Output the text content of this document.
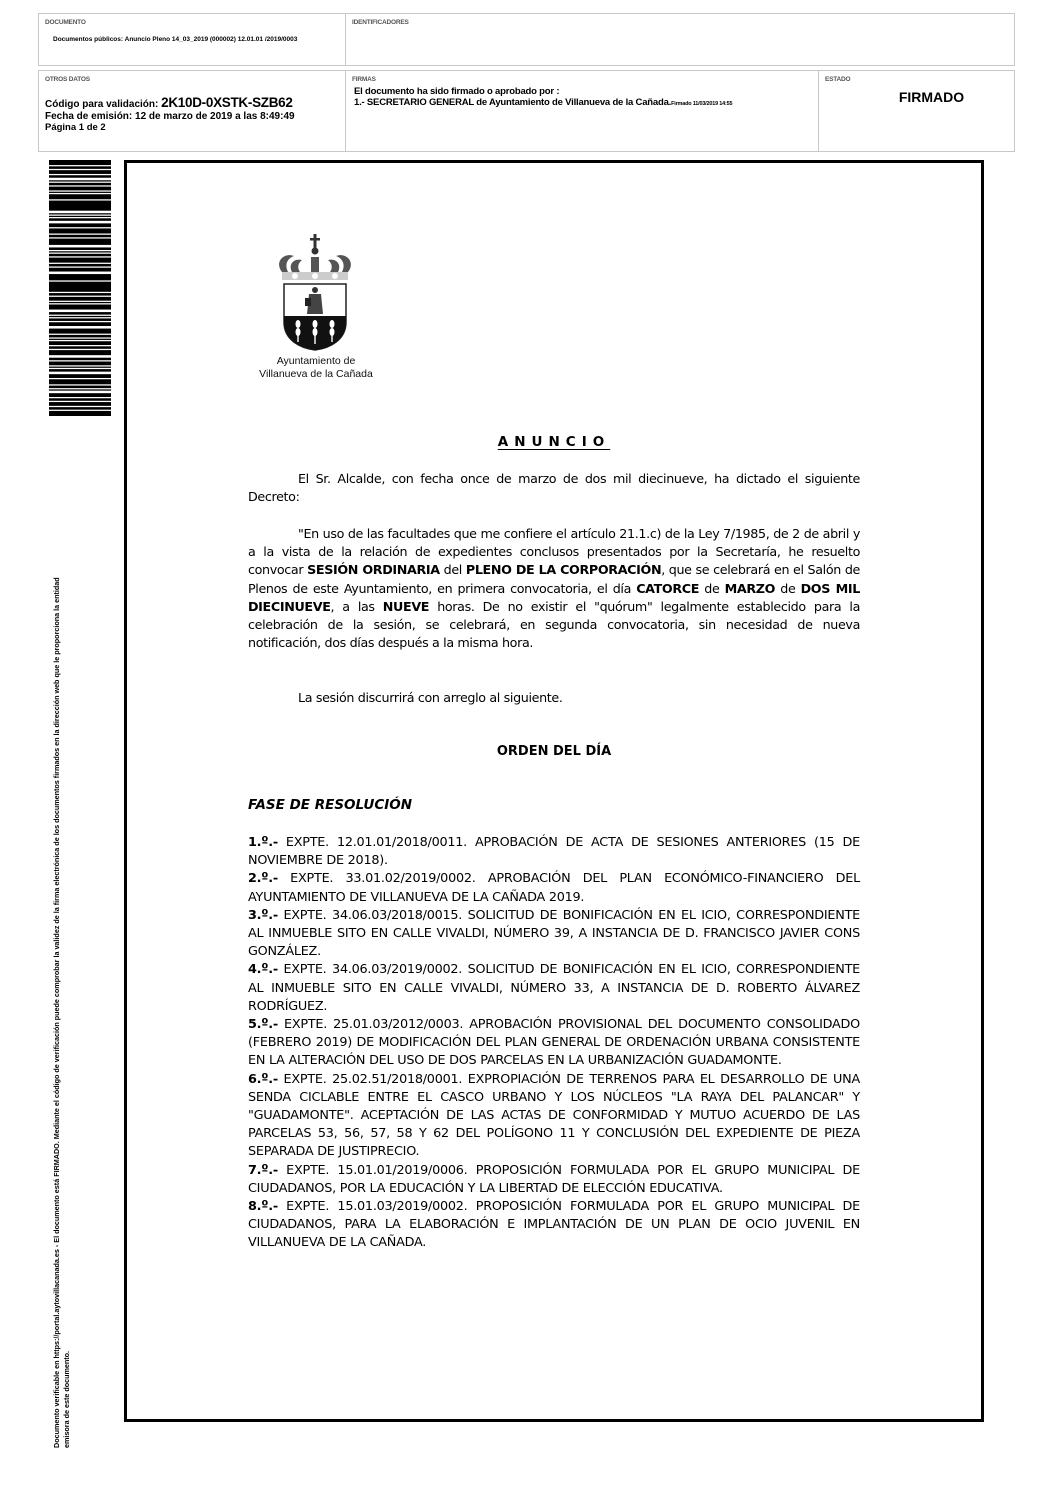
DOCUMENTO
Documentos públicos: Anuncio Pleno 14_03_2019 (000002) 12.01.01 /2019/0003
IDENTIFICADORES
OTROS DATOS
Código para validación: 2K10D-0XSTK-SZB62
Fecha de emisión: 12 de marzo de 2019 a las 8:49:49
Página 1 de 2
FIRMAS
El documento ha sido firmado o aprobado por :
1.- SECRETARIO GENERAL de Ayuntamiento de Villanueva de la Cañada.Firmado 11/03/2019 14:55
ESTADO
FIRMADO
Documento verificable en https://portal.aytovillacanada.es - El documento está FIRMADO. Mediante el código de verificación puede comprobar la validez de la firma electrónica de los documentos firmados en la dirección web que le proporciona la entidad emisora de este documento.
Ayuntamiento de
Villanueva de la Cañada
ANUNCIO

El Sr. Alcalde, con fecha once de marzo de dos mil diecinueve, ha dictado el siguiente Decreto:

"En uso de las facultades que me confiere el artículo 21.1.c) de la Ley 7/1985, de 2 de abril y a la vista de la relación de expedientes conclusos presentados por la Secretaría, he resuelto convocar SESIÓN ORDINARIA del PLENO DE LA CORPORACIÓN, que se celebrará en el Salón de Plenos de este Ayuntamiento, en primera convocatoria, el día CATORCE de MARZO de DOS MIL DIECINUEVE, a las NUEVE horas. De no existir el "quórum" legalmente establecido para la celebración de la sesión, se celebrará, en segunda convocatoria, sin necesidad de nueva notificación, dos días después a la misma hora.

La sesión discurrirá con arreglo al siguiente.

ORDEN DEL DÍA
FASE DE RESOLUCIÓN

1.º.- EXPTE. 12.01.01/2018/0011. APROBACIÓN DE ACTA DE SESIONES ANTERIORES (15 DE NOVIEMBRE DE 2018).

2.º.- EXPTE. 33.01.02/2019/0002. APROBACIÓN DEL PLAN ECONÓMICO-FINANCIERO DEL AYUNTAMIENTO DE VILLANUEVA DE LA CAÑADA 2019.

3.º.- EXPTE. 34.06.03/2018/0015. SOLICITUD DE BONIFICACIÓN EN EL ICIO, CORRESPONDIENTE AL INMUEBLE SITO EN CALLE VIVALDI, NÚMERO 39, A INSTANCIA DE D. FRANCISCO JAVIER CONS GONZÁLEZ.

4.º.- EXPTE. 34.06.03/2019/0002. SOLICITUD DE BONIFICACIÓN EN EL ICIO, CORRESPONDIENTE AL INMUEBLE SITO EN CALLE VIVALDI, NÚMERO 33, A INSTANCIA DE D. ROBERTO ÁLVAREZ RODRÍGUEZ.

5.º.- EXPTE. 25.01.03/2012/0003. APROBACIÓN PROVISIONAL DEL DOCUMENTO CONSOLIDADO (FEBRERO 2019) DE MODIFICACIÓN DEL PLAN GENERAL DE ORDENACIÓN URBANA CONSISTENTE EN LA ALTERACIÓN DEL USO DE DOS PARCELAS EN LA URBANIZACIÓN GUADAMONTE.

6.º.- EXPTE. 25.02.51/2018/0001. EXPROPIACIÓN DE TERRENOS PARA EL DESARROLLO DE UNA SENDA CICLABLE ENTRE EL CASCO URBANO Y LOS NÚCLEOS "LA RAYA DEL PALANCAR" Y "GUADAMONTE". ACEPTACIÓN DE LAS ACTAS DE CONFORMIDAD Y MUTUO ACUERDO DE LAS PARCELAS 53, 56, 57, 58 Y 62 DEL POLÍGONO 11 Y CONCLUSIÓN DEL EXPEDIENTE DE PIEZA SEPARADA DE JUSTIPRECIO.

7.º.- EXPTE. 15.01.01/2019/0006. PROPOSICIÓN FORMULADA POR EL GRUPO MUNICIPAL DE CIUDADANOS, POR LA EDUCACIÓN Y LA LIBERTAD DE ELECCIÓN EDUCATIVA.

8.º.- EXPTE. 15.01.03/2019/0002. PROPOSICIÓN FORMULADA POR EL GRUPO MUNICIPAL DE CIUDADANOS, PARA LA ELABORACIÓN E IMPLANTACIÓN DE UN PLAN DE OCIO JUVENIL EN VILLANUEVA DE LA CAÑADA.
